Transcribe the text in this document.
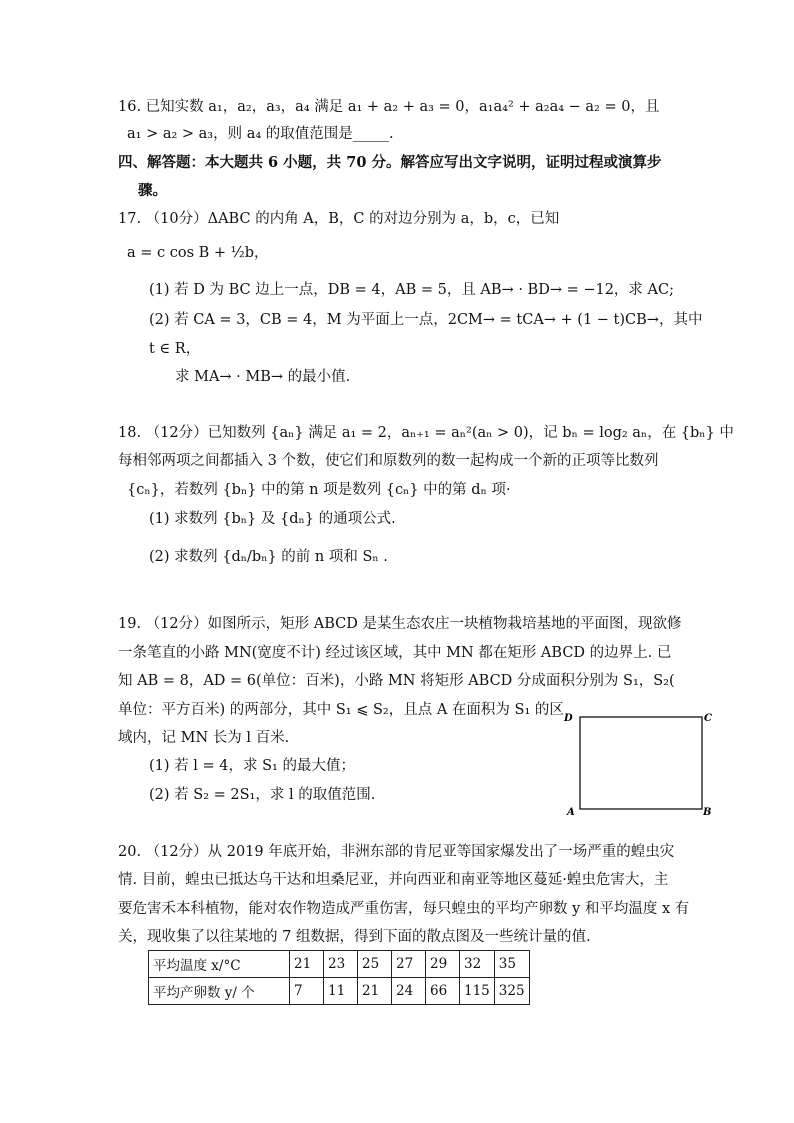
16. 已知实数 a₁，a₂，a₃，a₄ 满足 a₁ + a₂ + a₃ = 0，a₁a₄² + a₂a₄ − a₂ = 0，且
a₁ > a₂ > a₃，则 a₄ 的取值范围是_____.
四、解答题：本大题共 6 小题，共 70 分。解答应写出文字说明，证明过程或演算步
骤。
17. （10分）ΔABC 的内角 A，B，C 的对边分别为 a，b，c，已知
a = c cos B + ½b，
(1) 若 D 为 BC 边上一点，DB = 4，AB = 5，且 AB→ · BD→ = −12，求 AC;
(2) 若 CA = 3，CB = 4，M 为平面上一点，2CM→ = tCA→ + (1 − t)CB→，其中
t ∈ R，
求 MA→ · MB→ 的最小值.
18. （12分）已知数列 {aₙ} 满足 a₁ = 2，aₙ₊₁ = aₙ²(aₙ > 0)，记 bₙ = log₂ aₙ，在 {bₙ} 中
每相邻两项之间都插入 3 个数，使它们和原数列的数一起构成一个新的正项等比数列
{cₙ}，若数列 {bₙ} 中的第 n 项是数列 {cₙ} 中的第 dₙ 项·
(1) 求数列 {bₙ} 及 {dₙ} 的通项公式.
(2) 求数列 {dₙ/bₙ} 的前 n 项和 Sₙ .
19. （12分）如图所示，矩形 ABCD 是某生态农庄一块植物栽培基地的平面图，现欲修
一条笔直的小路 MN(宽度不计) 经过该区域，其中 MN 都在矩形 ABCD 的边界上. 已
知 AB = 8，AD = 6(单位：百米)，小路 MN 将矩形 ABCD 分成面积分别为 S₁，S₂(
单位：平方百米) 的两部分，其中 S₁ ⩽ S₂，且点 A 在面积为 S₁ 的区
域内，记 MN 长为 l 百米.
(1) 若 l = 4，求 S₁ 的最大值；
(2) 若 S₂ = 2S₁，求 l 的取值范围.
D	C
A	B
20. （12分）从 2019 年底开始，非洲东部的肯尼亚等国家爆发出了一场严重的蝗虫灾
情. 目前，蝗虫已抵达乌干达和坦桑尼亚，并向西亚和南亚等地区蔓延·蝗虫危害大，主
要危害禾本科植物，能对农作物造成严重伤害，每只蝗虫的平均产卵数 y 和平均温度 x 有
关，现收集了以往某地的 7 组数据，得到下面的散点图及一些统计量的值.
平均温度 x/°C	21	23	25	27	29	32	35
平均产卵数 y/ 个	7	11	21	24	66	115	325
